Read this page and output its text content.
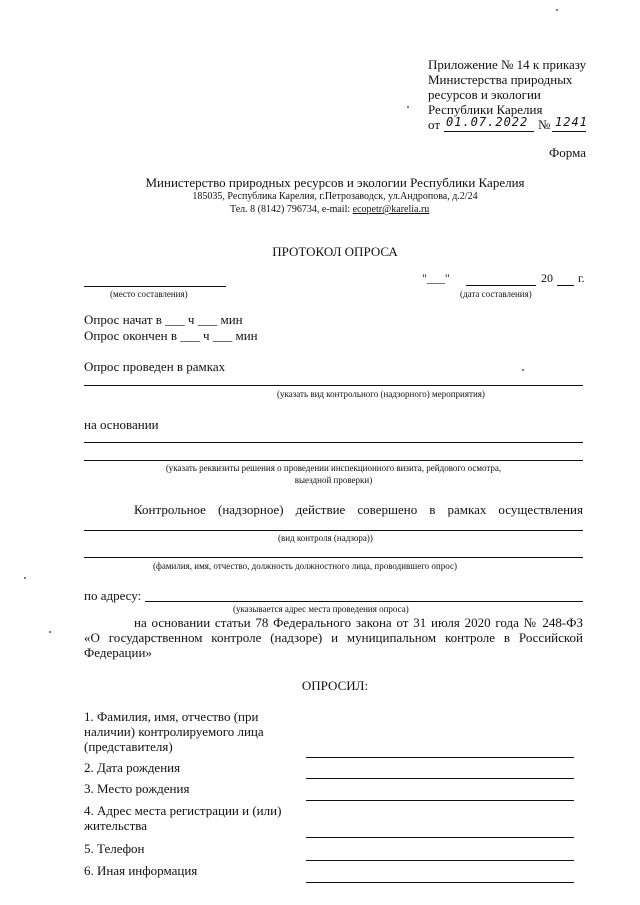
Приложение № 14 к приказу
Министерства природных
ресурсов и экологии
Республики Карелия
от 01.07.2022 № 1241
Форма
Министерство природных ресурсов и экологии Республики Карелия
185035, Республика Карелия, г.Петрозаводск, ул.Андропова, д.2/24
Тел. 8 (8142) 796734, e-mail: ecopetr@karelia.ru
ПРОТОКОЛ ОПРОСА
(место составления)
"___"	20 г.
(дата составления)
Опрос начат в ___ ч ___ мин
Опрос окончен в ___ ч ___ мин
Опрос проведен в рамках
(указать вид контрольного (надзорного) мероприятия)
на основании
(указать реквизиты решения о проведении инспекционного визита, рейдового осмотра,
выездной проверки)
Контрольное (надзорное) действие совершено в рамках осуществления
(вид контроля (надзора))
(фамилия, имя, отчество, должность должностного лица, проводившего опрос)
по адресу:
(указывается адрес места проведения опроса)
на основании статьи 78 Федерального закона от 31 июля 2020 года № 248-ФЗ
«О государственном контроле (надзоре) и муниципальном контроле в Российской
Федерации»
ОПРОСИЛ:
1. Фамилия, имя, отчество (при наличии) контролируемого лица (представителя)
2. Дата рождения
3. Место рождения
4. Адрес места регистрации и (или) жительства
5. Телефон
6. Иная информация
